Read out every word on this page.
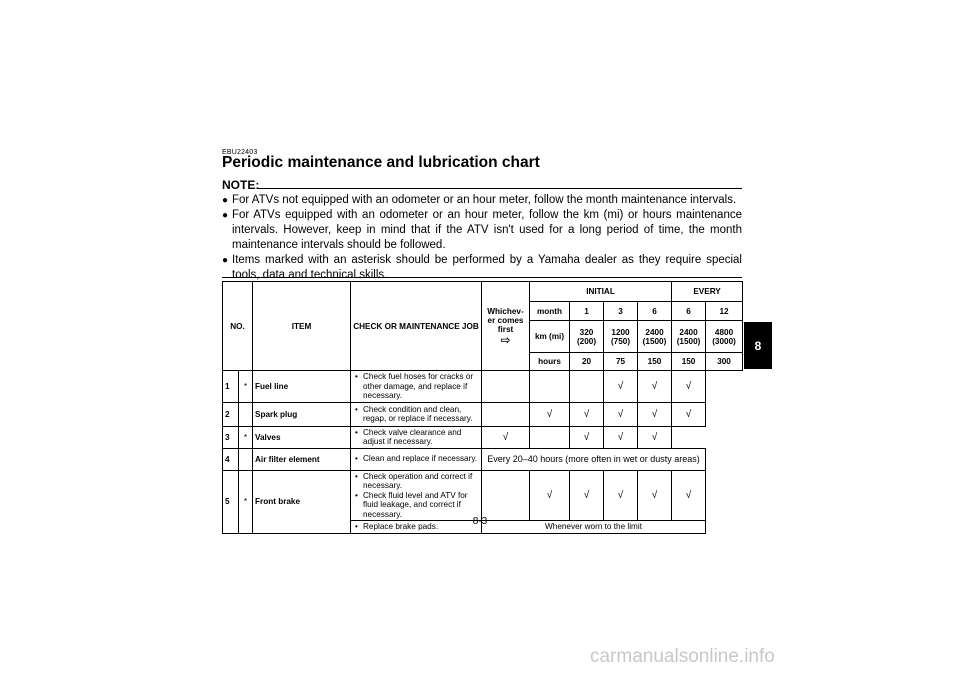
EBU22403
Periodic maintenance and lubrication chart
NOTE:
● For ATVs not equipped with an odometer or an hour meter, follow the month maintenance intervals.
● For ATVs equipped with an odometer or an hour meter, follow the km (mi) or hours maintenance intervals. However, keep in mind that if the ATV isn't used for a long period of time, the month maintenance intervals should be followed.
● Items marked with an asterisk should be performed by a Yamaha dealer as they require special tools, data and technical skills.
NO.		ITEM	CHECK OR MAINTENANCE JOB	Whichev-er comes first
⇨	INITIAL				EVERY	
					month	1	3	6	6	12
					km (mi)	320 (200)	1200 (750)	2400 (1500)	2400 (1500)	4800 (3000)
					hours	20	75	150	150	300
1	*	Fuel line	• Check fuel hoses for cracks or other damage, and replace if necessary.				√	√	√	
2		Spark plug	• Check condition and clean, regap, or replace if necessary.		√	√	√	√	√	
3	*	Valves	• Check valve clearance and adjust if necessary.	√		√	√	√	
4		Air filter element	• Clean and replace if necessary.	Every 20–40 hours (more often in wet or dusty areas)						
5	*	Front brake	• Check operation and correct if necessary.
• Check fluid level and ATV for fluid leakage, and correct if necessary.		√	√	√	√	√	

			• Replace brake pads.	Whenever worn to the limit						
8
8-3
carmanualsonline.info
